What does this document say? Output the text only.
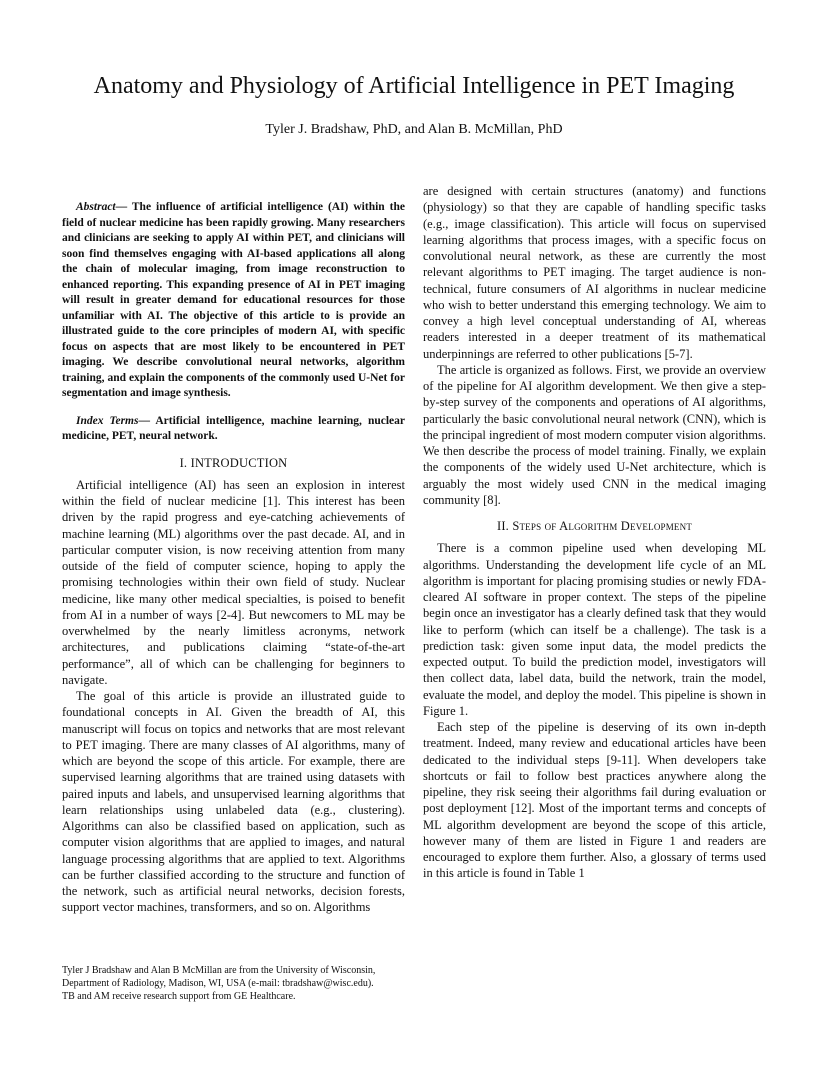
Anatomy and Physiology of Artificial Intelligence in PET Imaging
Tyler J. Bradshaw, PhD, and Alan B. McMillan, PhD

Abstract— The influence of artificial intelligence (AI) within the field of nuclear medicine has been rapidly growing. Many researchers and clinicians are seeking to apply AI within PET, and clinicians will soon find themselves engaging with AI-based applications all along the chain of molecular imaging, from image reconstruction to enhanced reporting. This expanding presence of AI in PET imaging will result in greater demand for educational resources for those unfamiliar with AI. The objective of this article to is provide an illustrated guide to the core principles of modern AI, with specific focus on aspects that are most likely to be encountered in PET imaging. We describe convolutional neural networks, algorithm training, and explain the components of the commonly used U-Net for segmentation and image synthesis.

Index Terms— Artificial intelligence, machine learning, nuclear medicine, PET, neural network.

I. INTRODUCTION

Artificial intelligence (AI) has seen an explosion in interest within the field of nuclear medicine [1]. This interest has been driven by the rapid progress and eye-catching achievements of machine learning (ML) algorithms over the past decade. AI, and in particular computer vision, is now receiving attention from many outside of the field of computer science, hoping to apply the promising technologies within their own field of study. Nuclear medicine, like many other medical specialties, is poised to benefit from AI in a number of ways [2-4]. But newcomers to ML may be overwhelmed by the nearly limitless acronyms, network architectures, and publications claiming “state-of-the-art performance”, all of which can be challenging for beginners to navigate.

The goal of this article is provide an illustrated guide to foundational concepts in AI. Given the breadth of AI, this manuscript will focus on topics and networks that are most relevant to PET imaging. There are many classes of AI algorithms, many of which are beyond the scope of this article. For example, there are supervised learning algorithms that are trained using datasets with paired inputs and labels, and unsupervised learning algorithms that learn relationships using unlabeled data (e.g., clustering). Algorithms can also be classified based on application, such as computer vision algorithms that are applied to images, and natural language processing algorithms that are applied to text. Algorithms can be further classified according to the structure and function of the network, such as artificial neural networks, decision forests, support vector machines, transformers, and so on. Algorithms

are designed with certain structures (anatomy) and functions (physiology) so that they are capable of handling specific tasks (e.g., image classification). This article will focus on supervised learning algorithms that process images, with a specific focus on convolutional neural network, as these are currently the most relevant algorithms to PET imaging. The target audience is non-technical, future consumers of AI algorithms in nuclear medicine who wish to better understand this emerging technology. We aim to convey a high level conceptual understanding of AI, whereas readers interested in a deeper treatment of its mathematical underpinnings are referred to other publications [5-7].

The article is organized as follows. First, we provide an overview of the pipeline for AI algorithm development. We then give a step-by-step survey of the components and operations of AI algorithms, particularly the basic convolutional neural network (CNN), which is the principal ingredient of most modern computer vision algorithms. We then describe the process of model training. Finally, we explain the components of the widely used U-Net architecture, which is arguably the most widely used CNN in the medical imaging community [8].

II. Steps of Algorithm Development

There is a common pipeline used when developing ML algorithms. Understanding the development life cycle of an ML algorithm is important for placing promising studies or newly FDA-cleared AI software in proper context. The steps of the pipeline begin once an investigator has a clearly defined task that they would like to perform (which can itself be a challenge). The task is a prediction task: given some input data, the model predicts the expected output. To build the prediction model, investigators will then collect data, label data, build the network, train the model, evaluate the model, and deploy the model. This pipeline is shown in Figure 1.

Each step of the pipeline is deserving of its own in-depth treatment. Indeed, many review and educational articles have been dedicated to the individual steps [9-11]. When developers take shortcuts or fail to follow best practices anywhere along the pipeline, they risk seeing their algorithms fail during evaluation or post deployment [12]. Most of the important terms and concepts of ML algorithm development are beyond the scope of this article, however many of them are listed in Figure 1 and readers are encouraged to explore them further. Also, a glossary of terms used in this article is found in Table 1

Tyler J Bradshaw and Alan B McMillan are from the University of Wisconsin, Department of Radiology, Madison, WI, USA (e-mail: tbradshaw@wisc.edu).
TB and AM receive research support from GE Healthcare.
